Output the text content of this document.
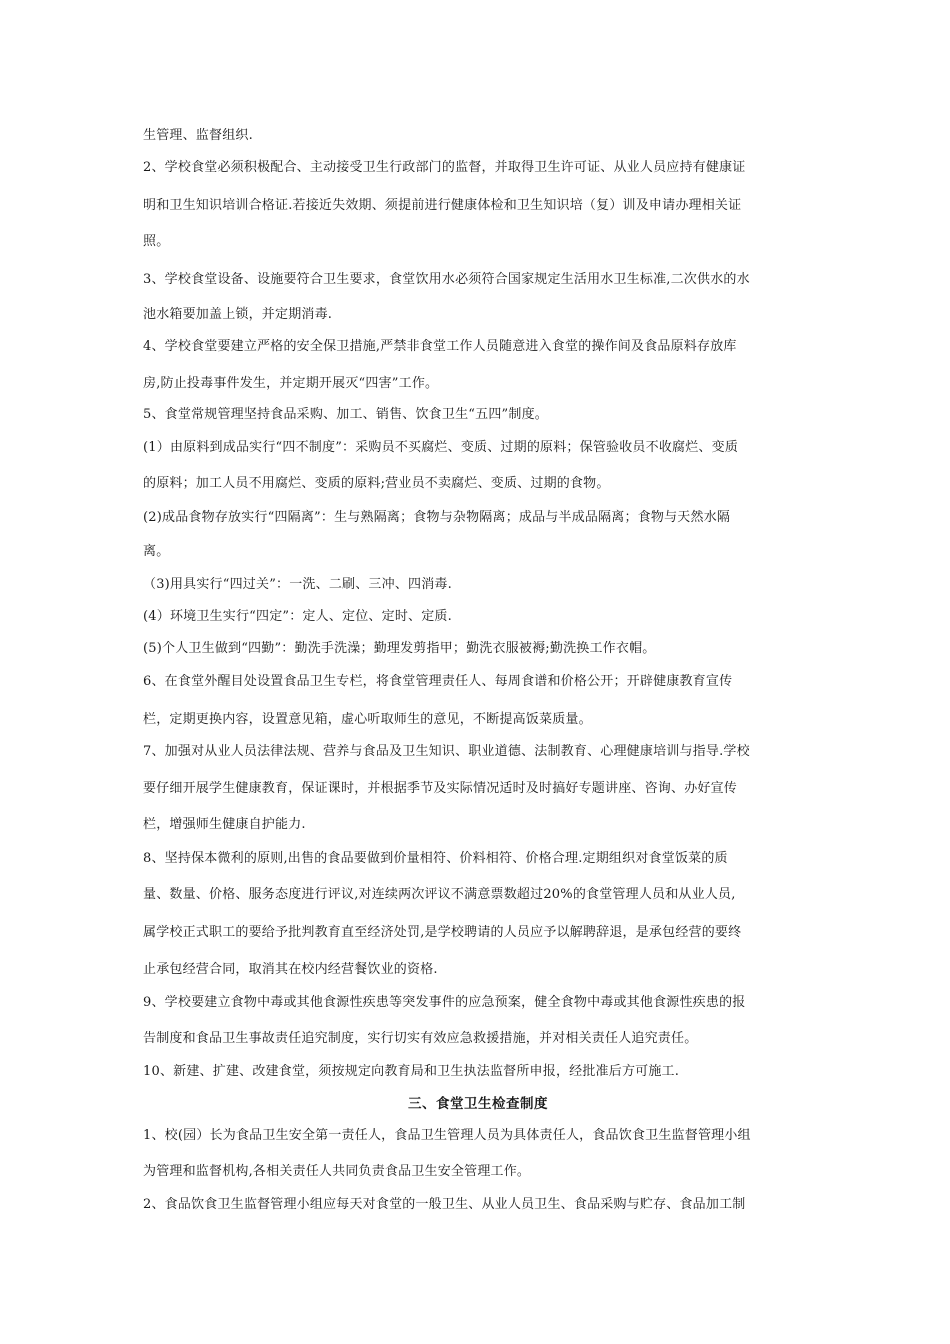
生管理、监督组织.
2、学校食堂必须积极配合、主动接受卫生行政部门的监督，并取得卫生许可证、从业人员应持有健康证
明和卫生知识培训合格证.若接近失效期、须提前进行健康体检和卫生知识培（复）训及申请办理相关证
照。
3、学校食堂设备、设施要符合卫生要求，食堂饮用水必须符合国家规定生活用水卫生标准,二次供水的水
池水箱要加盖上锁，并定期消毒.
4、学校食堂要建立严格的安全保卫措施,严禁非食堂工作人员随意进入食堂的操作间及食品原料存放库
房,防止投毒事件发生，并定期开展灭“四害”工作。
5、食堂常规管理坚持食品采购、加工、销售、饮食卫生“五四”制度。
(1）由原料到成品实行“四不制度”：采购员不买腐烂、变质、过期的原料；保管验收员不收腐烂、变质
的原料；加工人员不用腐烂、变质的原料;营业员不卖腐烂、变质、过期的食物。
(2)成品食物存放实行“四隔离”：生与熟隔离；食物与杂物隔离；成品与半成品隔离；食物与天然水隔
离。
（3)用具实行“四过关”：一洗、二刷、三冲、四消毒.
(4）环境卫生实行“四定”：定人、定位、定时、定质.
(5)个人卫生做到“四勤”：勤洗手洗澡；勤理发剪指甲；勤洗衣服被褥;勤洗换工作衣帽。
6、在食堂外醒目处设置食品卫生专栏，将食堂管理责任人、每周食谱和价格公开；开辟健康教育宣传
栏，定期更换内容，设置意见箱，虚心听取师生的意见，不断提高饭菜质量。
7、加强对从业人员法律法规、营养与食品及卫生知识、职业道德、法制教育、心理健康培训与指导.学校
要仔细开展学生健康教育，保证课时，并根据季节及实际情况适时及时搞好专题讲座、咨询、办好宣传
栏，增强师生健康自护能力.
8、坚持保本微利的原则,出售的食品要做到价量相符、价料相符、价格合理.定期组织对食堂饭菜的质
量、数量、价格、服务态度进行评议,对连续两次评议不满意票数超过20%的食堂管理人员和从业人员,
属学校正式职工的要给予批判教育直至经济处罚,是学校聘请的人员应予以解聘辞退，是承包经营的要终
止承包经营合同，取消其在校内经营餐饮业的资格.
9、学校要建立食物中毒或其他食源性疾患等突发事件的应急预案，健全食物中毒或其他食源性疾患的报
告制度和食品卫生事故责任追究制度，实行切实有效应急救援措施，并对相关责任人追究责任。
10、新建、扩建、改建食堂，须按规定向教育局和卫生执法监督所申报，经批准后方可施工.
三、食堂卫生检查制度
1、校(园）长为食品卫生安全第一责任人，食品卫生管理人员为具体责任人，食品饮食卫生监督管理小组
为管理和监督机构,各相关责任人共同负责食品卫生安全管理工作。
2、食品饮食卫生监督管理小组应每天对食堂的一般卫生、从业人员卫生、食品采购与贮存、食品加工制
